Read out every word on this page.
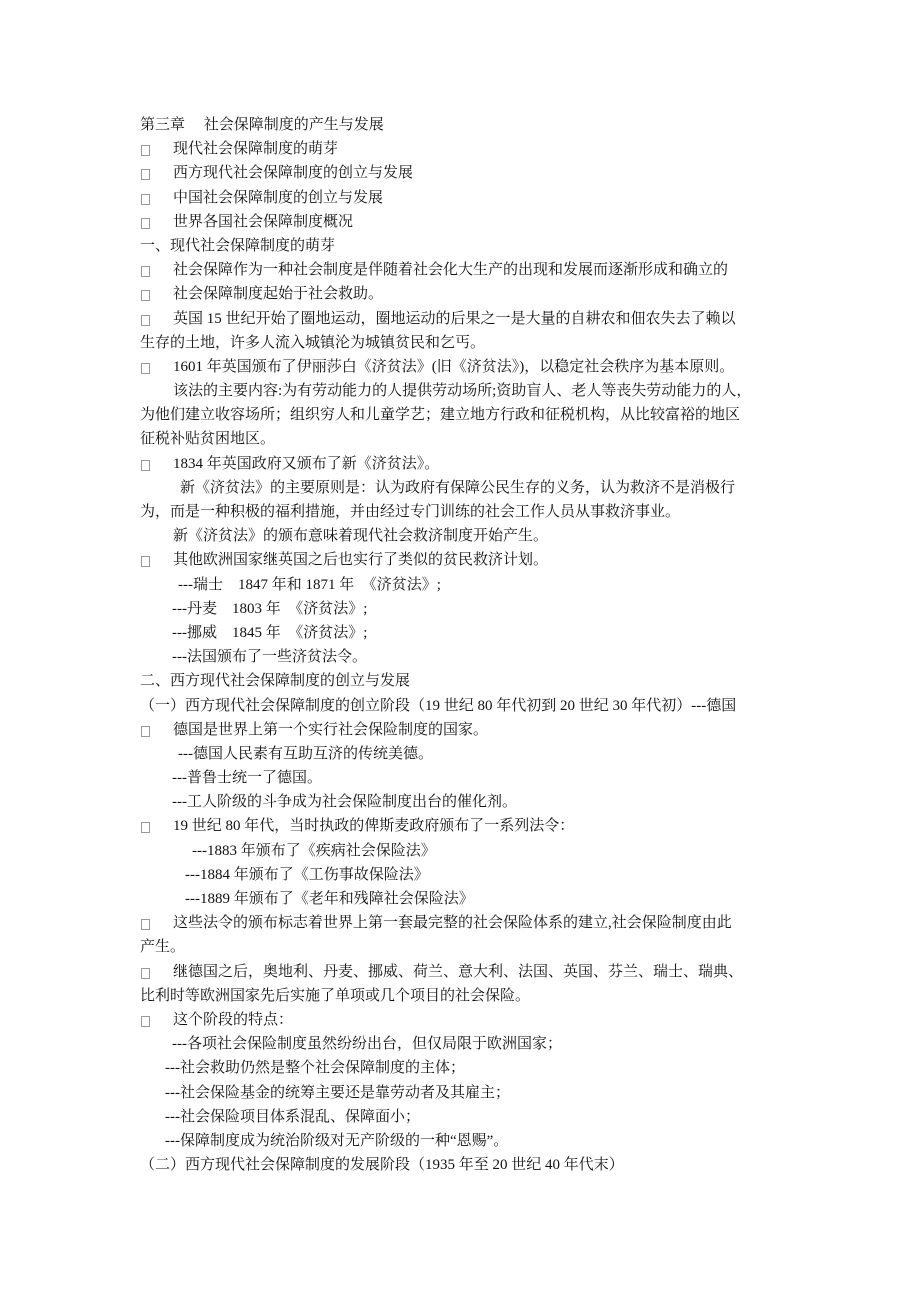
第三章　 社会保障制度的产生与发展
现代社会保障制度的萌芽
西方现代社会保障制度的创立与发展
中国社会保障制度的创立与发展
世界各国社会保障制度概况
一、现代社会保障制度的萌芽
社会保障作为一种社会制度是伴随着社会化大生产的出现和发展而逐渐形成和确立的
社会保障制度起始于社会救助。
英国 15 世纪开始了圈地运动，圈地运动的后果之一是大量的自耕农和佃农失去了赖以
生存的土地，许多人流入城镇沦为城镇贫民和乞丐。
1601 年英国颁布了伊丽莎白《济贫法》(旧《济贫法》)，以稳定社会秩序为基本原则。
该法的主要内容:为有劳动能力的人提供劳动场所;资助盲人、老人等丧失劳动能力的人，
为他们建立收容场所；组织穷人和儿童学艺；建立地方行政和征税机构，从比较富裕的地区
征税补贴贫困地区。
1834 年英国政府又颁布了新《济贫法》。
新《济贫法》的主要原则是：认为政府有保障公民生存的义务，认为救济不是消极行
为，而是一种积极的福利措施，并由经过专门训练的社会工作人员从事救济事业。
新《济贫法》的颁布意味着现代社会救济制度开始产生。
其他欧洲国家继英国之后也实行了类似的贫民救济计划。
---瑞士　1847 年和 1871 年　《济贫法》;
---丹麦　1803 年　《济贫法》;
---挪威　1845 年　《济贫法》;
---法国颁布了一些济贫法令。
二、西方现代社会保障制度的创立与发展
（一）西方现代社会保障制度的创立阶段（19 世纪 80 年代初到 20 世纪 30 年代初）---德国
德国是世界上第一个实行社会保险制度的国家。
---德国人民素有互助互济的传统美德。
---普鲁士统一了德国。
---工人阶级的斗争成为社会保险制度出台的催化剂。
19 世纪 80 年代，当时执政的俾斯麦政府颁布了一系列法令：
---1883 年颁布了《疾病社会保险法》
---1884 年颁布了《工伤事故保险法》
---1889 年颁布了《老年和残障社会保险法》
这些法令的颁布标志着世界上第一套最完整的社会保险体系的建立,社会保险制度由此
产生。
继德国之后，奥地利、丹麦、挪威、荷兰、意大利、法国、英国、芬兰、瑞士、瑞典、
比利时等欧洲国家先后实施了单项或几个项目的社会保险。
这个阶段的特点：
---各项社会保险制度虽然纷纷出台，但仅局限于欧洲国家；
---社会救助仍然是整个社会保障制度的主体；
---社会保险基金的统筹主要还是靠劳动者及其雇主；
---社会保险项目体系混乱、保障面小；
---保障制度成为统治阶级对无产阶级的一种“恩赐”。
（二）西方现代社会保障制度的发展阶段（1935 年至 20 世纪 40 年代末）
